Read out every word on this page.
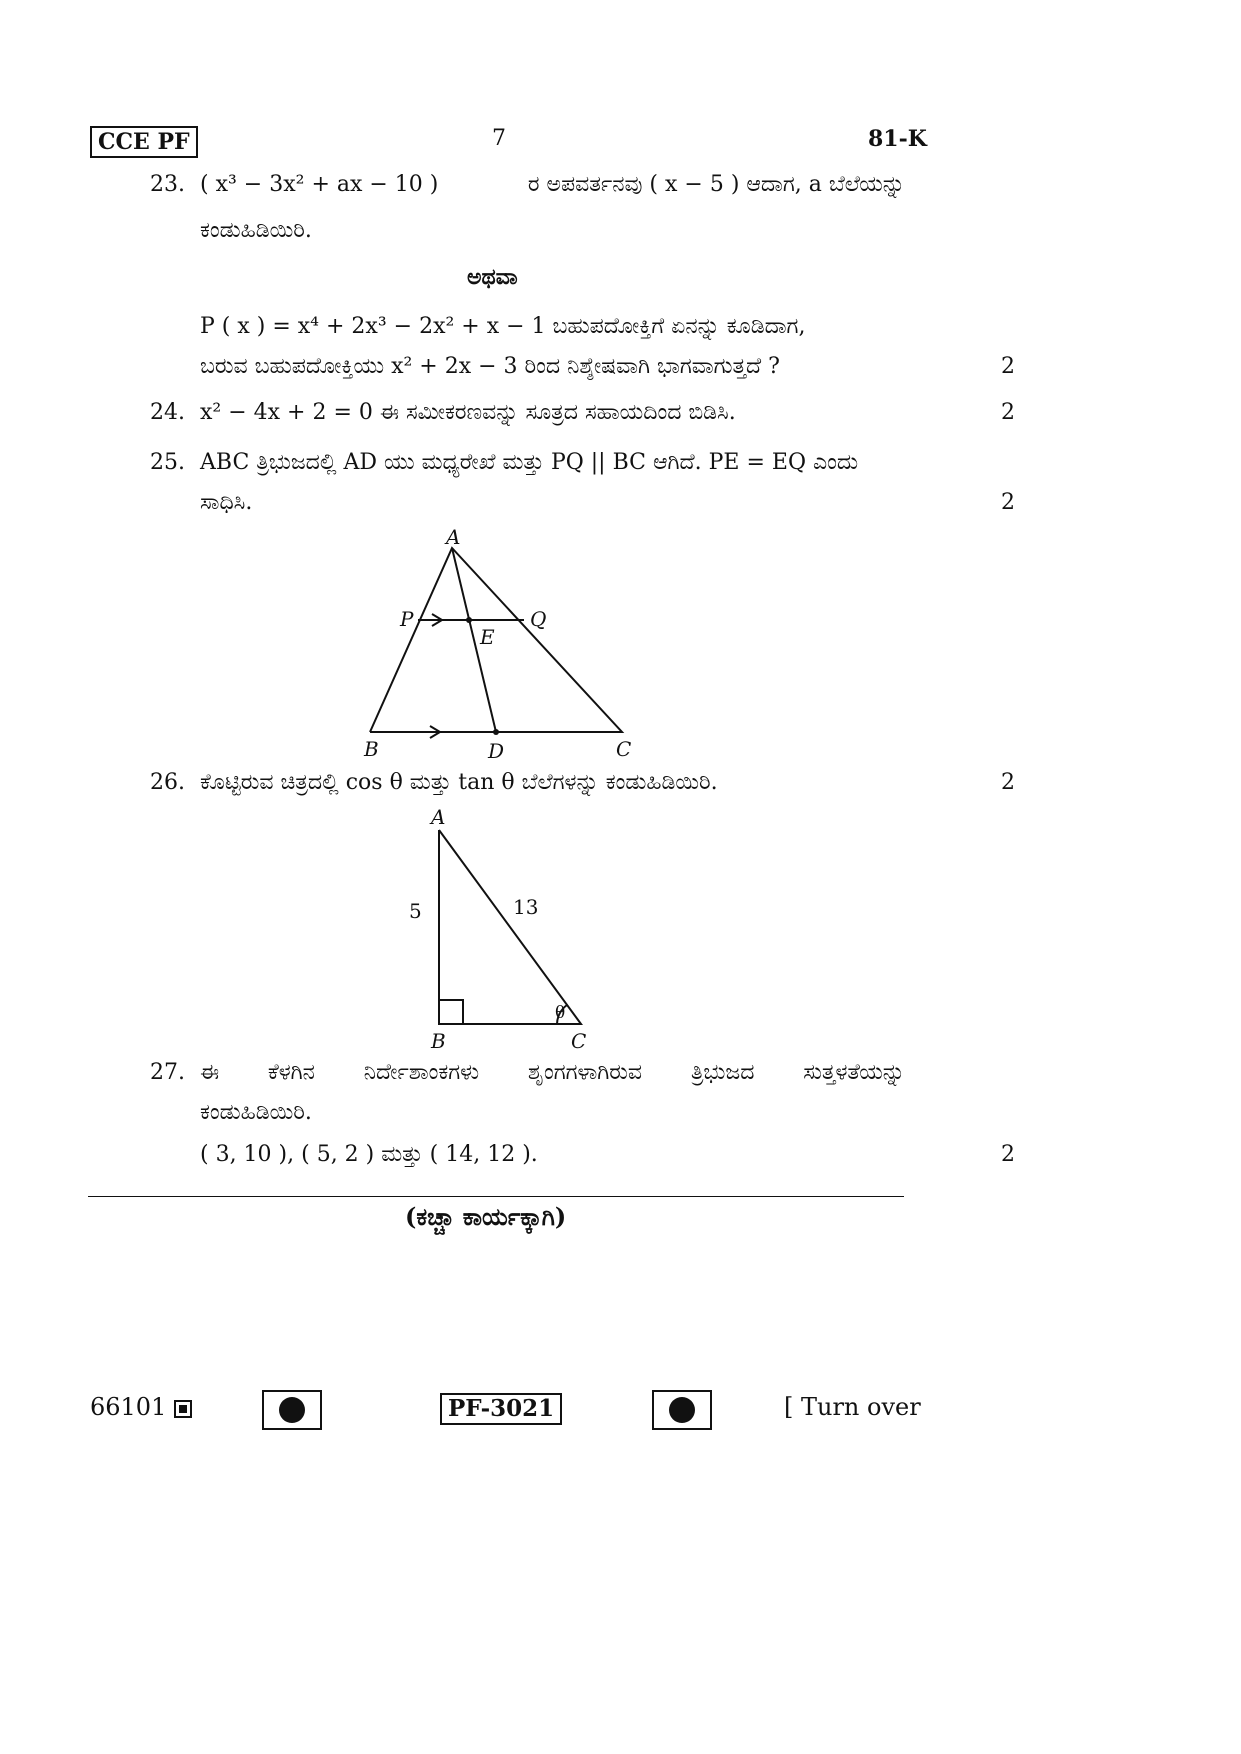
CCE PF	7	81-K
23. ( x³ − 3x² + ax − 10 )	ರ ಅಪವರ್ತನವು ( x − 5 ) ಆದಾಗ, a ಬೆಲೆಯನ್ನು
ಕಂಡುಹಿಡಿಯಿರಿ.
ಅಥವಾ
P ( x ) = x⁴ + 2x³ − 2x² + x − 1 ಬಹುಪದೋಕ್ತಿಗೆ ಏನನ್ನು ಕೂಡಿದಾಗ,
ಬರುವ ಬಹುಪದೋಕ್ತಿಯು x² + 2x − 3 ರಿಂದ ನಿಶ್ಶೇಷವಾಗಿ ಭಾಗವಾಗುತ್ತದೆ ?	2
24. x² − 4x + 2 = 0 ಈ ಸಮೀಕರಣವನ್ನು ಸೂತ್ರದ ಸಹಾಯದಿಂದ ಬಿಡಿಸಿ.	2
25. ABC ತ್ರಿಭುಜದಲ್ಲಿ AD ಯು ಮಧ್ಯರೇಖೆ ಮತ್ತು PQ || BC ಆಗಿದೆ. PE = EQ ಎಂದು
ಸಾಧಿಸಿ.	2
A
P	Q
E
B	D	C
26. ಕೊಟ್ಟಿರುವ ಚಿತ್ರದಲ್ಲಿ cos θ ಮತ್ತು tan θ ಬೆಲೆಗಳನ್ನು ಕಂಡುಹಿಡಿಯಿರಿ.	2
A
B	C
5	13
θ
27. ಈ ಕೆಳಗಿನ ನಿರ್ದೇಶಾಂಕಗಳು ಶೃಂಗಗಳಾಗಿರುವ ತ್ರಿಭುಜದ ಸುತ್ತಳತೆಯನ್ನು
ಕಂಡುಹಿಡಿಯಿರಿ.
( 3, 10 ), ( 5, 2 ) ಮತ್ತು ( 14, 12 ).	2
(ಕಚ್ಚಾ ಕಾರ್ಯಕ್ಕಾಗಿ)
66101	PF-3021	[ Turn over
